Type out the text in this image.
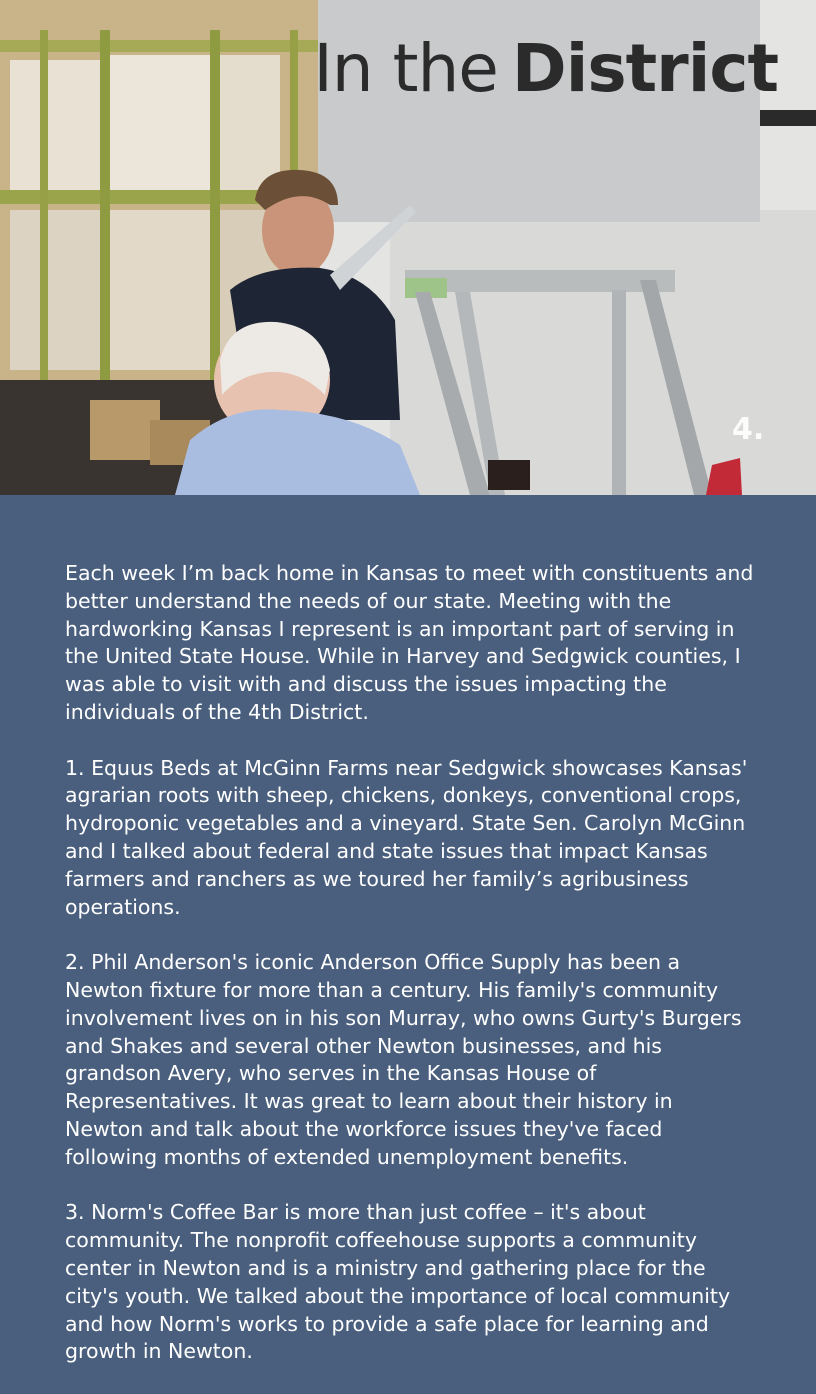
In the District
4.

Each week I’m back home in Kansas to meet with constituents and better understand the needs of our state. Meeting with the hardworking Kansas I represent is an important part of serving in the United State House. While in Harvey and Sedgwick counties, I was able to visit with and discuss the issues impacting the individuals of the 4th District.

1. Equus Beds at McGinn Farms near Sedgwick showcases Kansas' agrarian roots with sheep, chickens, donkeys, conventional crops, hydroponic vegetables and a vineyard. State Sen. Carolyn McGinn and I talked about federal and state issues that impact Kansas farmers and ranchers as we toured her family’s agribusiness operations.

2. Phil Anderson's iconic Anderson Office Supply has been a Newton fixture for more than a century. His family's community involvement lives on in his son Murray, who owns Gurty's Burgers and Shakes and several other Newton businesses, and his grandson Avery, who serves in the Kansas House of Representatives. It was great to learn about their history in Newton and talk about the workforce issues they've faced following months of extended unemployment benefits.

3. Norm's Coffee Bar is more than just coffee – it's about community. The nonprofit coffeehouse supports a community center in Newton and is a ministry and gathering place for the city's youth. We talked about the importance of local community and how Norm's works to provide a safe place for learning and growth in Newton.
